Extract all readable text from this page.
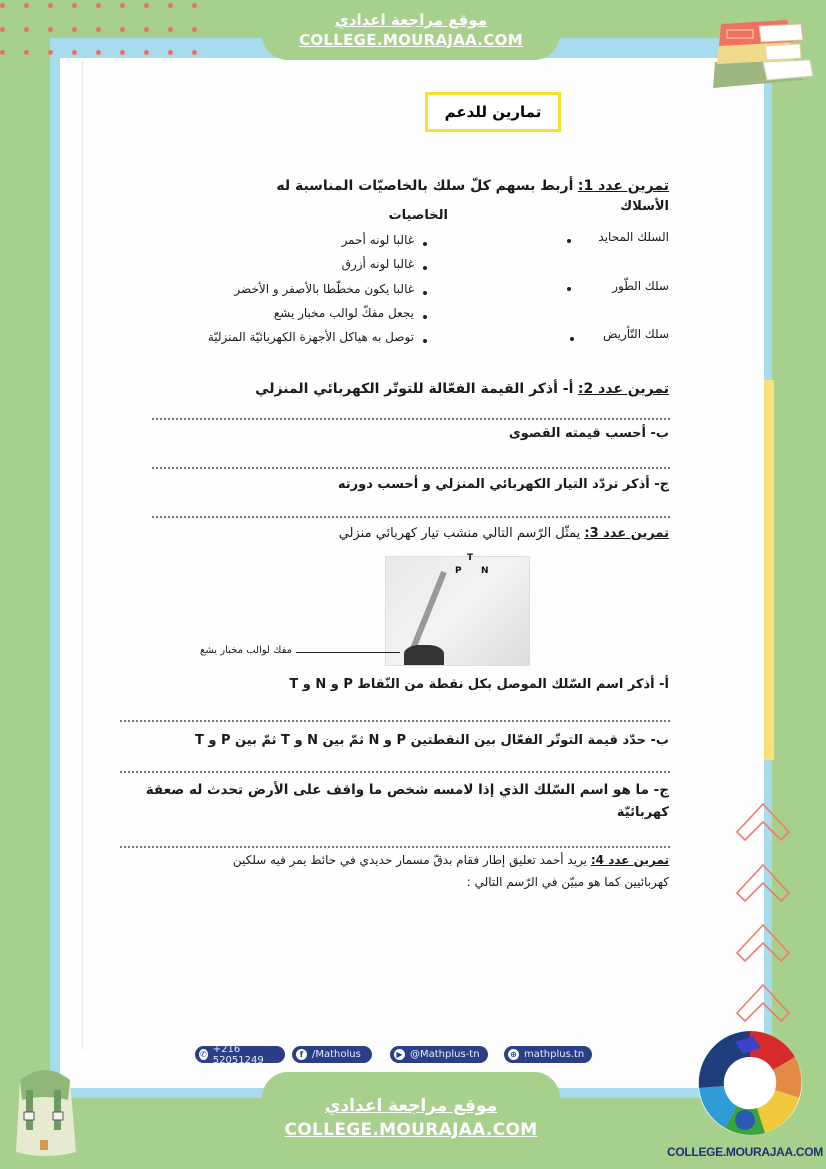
موقع مراجعة اعدادي
COLLEGE.MOURAJAA.COM
تمارين للدعم
تمرين عدد 1: أربط بسهم كلّ سلك بالخاصيّات المناسبة له
الأسلاك
الخاصيات
السلك المحايد
سلك الطّور
سلك التّأريض
غالبا لونه أحمر
غالبا لونه أزرق
غالبا يكون مخطّطا بالأصفر و الأخضر
يجعل مفكّ لوالب مخبار يشع
توصل به هياكل الأجهزة الكهربائيّة المنزليّة
تمرين عدد 2: أ- أذكر القيمة الفعّالة للتوتّر الكهربائي المنزلي
ب- أحسب قيمته القصوى
ج- أذكر تردّد التيار الكهربائي المنزلي و أحسب دورته
تمرين عدد 3: يمثّل الرّسم التالي منشب تيار كهربائي منزلي
T
P N
مفك لوالب مخبار يشع
أ- أذكر اسم السّلك الموصل بكل نقطة من النّقاط P و N و T
ب- حدّد قيمة التوتّر الفعّال بين النقطتين P و N ثمّ بين N و T ثمّ بين P و T
ج- ما هو اسم السّلك الذي إذا لامسه شخص ما واقف على الأرض تحدث له صعقة
كهربائيّة
تمرين عدد 4: يريد أحمد تعليق إطار فقام بدقّ مسمار حديدي في حائط يمر فيه سلكين
كهربائيين كما هو مبيّن في الرّسم التالي :
✆ +216 52051249	f /Matholus	▶ @Mathplus-tn	⊕ mathplus.tn
موقع مراجعة اعدادي
COLLEGE.MOURAJAA.COM
COLLEGE.MOURAJAA.COM
